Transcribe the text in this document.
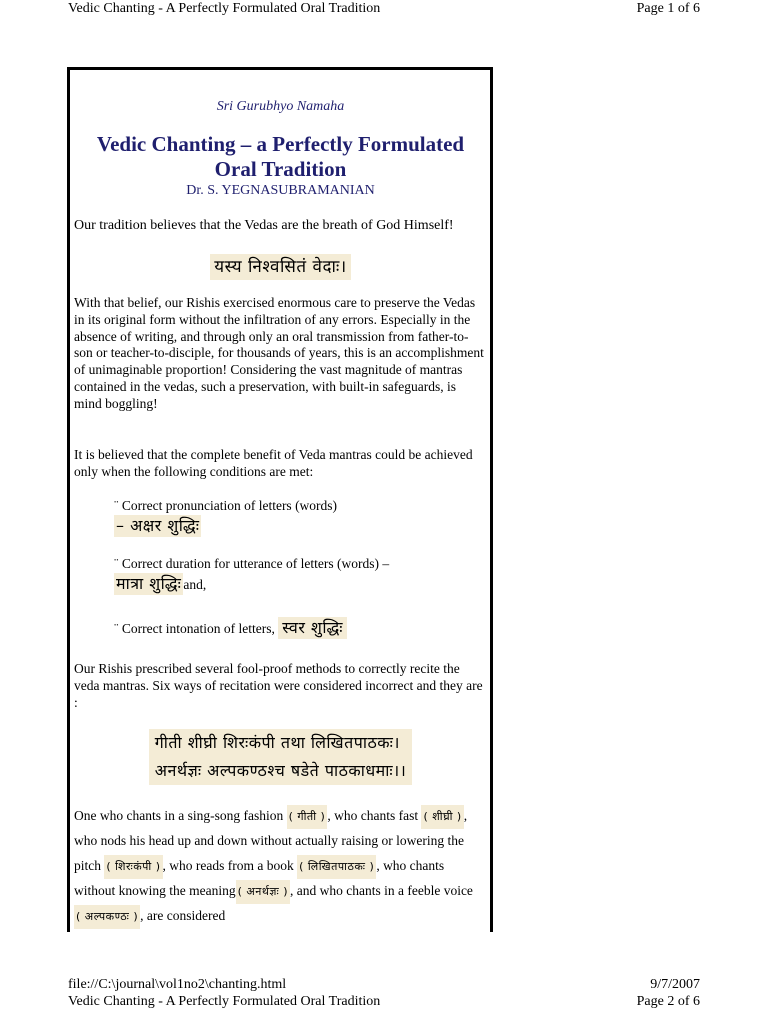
Vedic Chanting - A Perfectly Formulated Oral Tradition	Page 1 of 6
Sri Gurubhyo Namaha
Vedic Chanting – a Perfectly Formulated
Oral Tradition
Dr. S. YEGNASUBRAMANIAN
Our tradition believes that the Vedas are the breath of God Himself!
यस्य निश्वसितं वेदाः।
With that belief, our Rishis exercised enormous care to preserve the Vedas in its original form without the infiltration of any errors. Especially in the absence of writing, and through only an oral transmission from father-to- son or teacher-to-disciple, for thousands of years, this is an accomplishment of unimaginable proportion! Considering the vast magnitude of mantras contained in the vedas, such a preservation, with built-in safeguards, is mind boggling!
It is believed that the complete benefit of Veda mantras could be achieved only when the following conditions are met:
¨ Correct pronunciation of letters (words)
– अक्षर शुद्धिः
¨ Correct duration for utterance of letters (words) –
मात्रा शुद्धिः and,
¨ Correct intonation of letters, स्वर शुद्धिः
Our Rishis prescribed several fool-proof methods to correctly recite the veda mantras. Six ways of recitation were considered incorrect and they are :
गीती शीघ्री शिरःकंपी तथा लिखितपाठकः।
अनर्थज्ञः अल्पकण्ठश्च षडेते पाठकाधमाः।।
One who chants in a sing-song fashion ( गीती ) , who chants fast ( शीघ्री ) , who nods his head up and down without actually raising or lowering the pitch ( शिरःकंपी ) , who reads from a book ( लिखितपाठकः ) , who chants without knowing the meaning ( अनर्थज्ञः ) , and who chants in a feeble voice ( अल्पकण्ठः ) , are considered
file://C:\journal\vol1no2\chanting.html	9/7/2007
Vedic Chanting - A Perfectly Formulated Oral Tradition	Page 2 of 6
